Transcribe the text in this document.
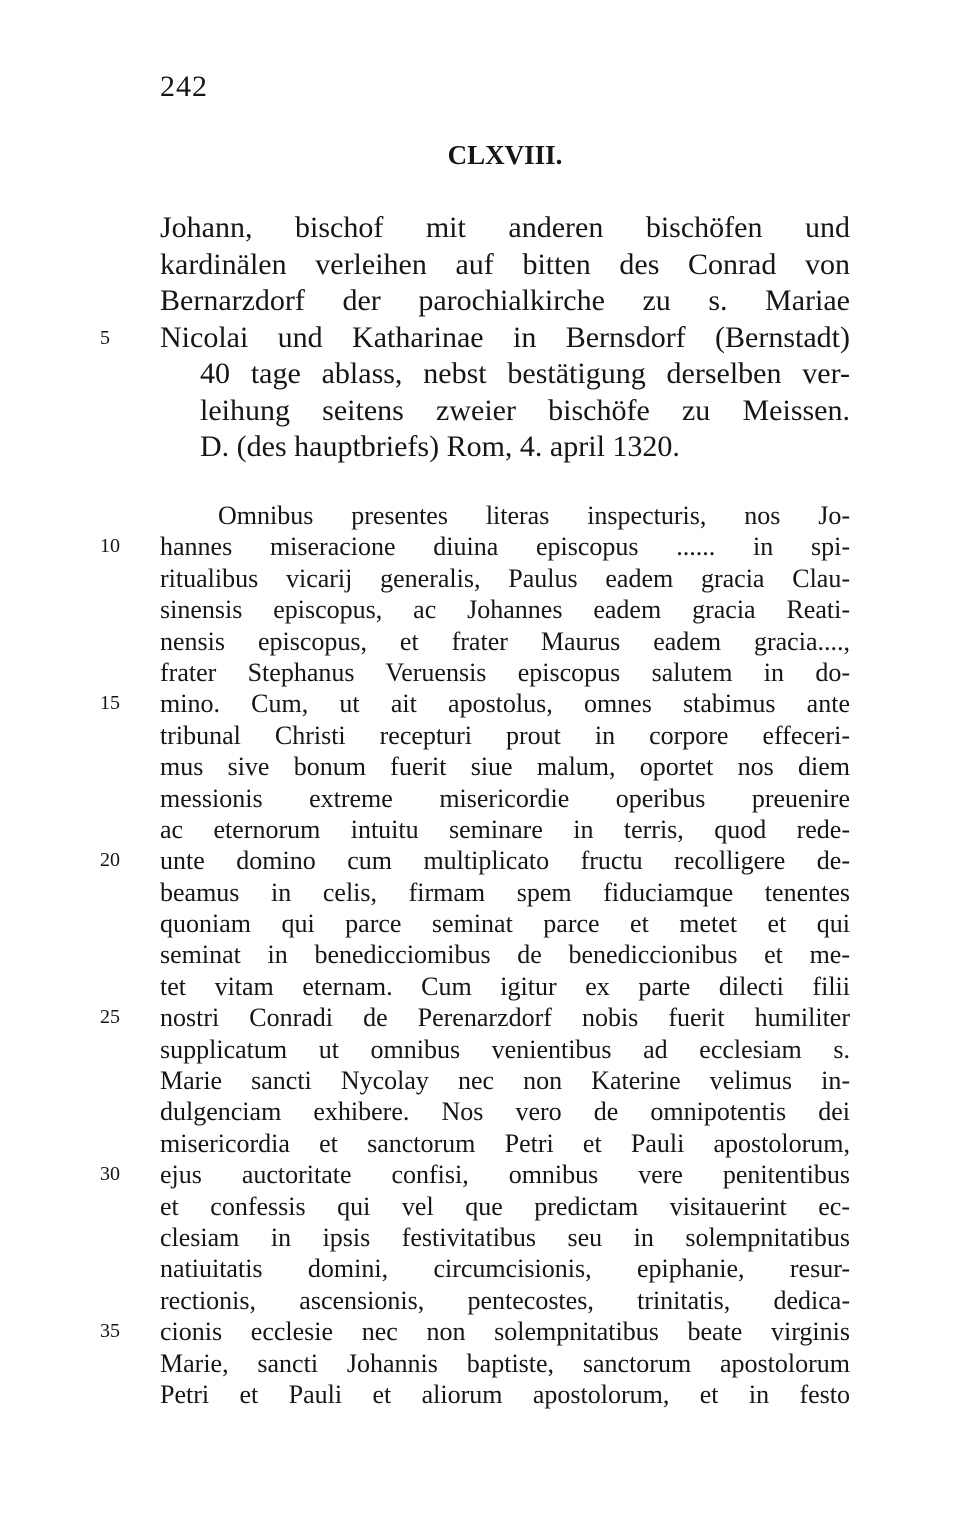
242
CLXVIII.
Johann, bischof mit anderen bischöfen und
kardinälen verleihen auf bitten des Conrad von
Bernarzdorf der parochialkirche zu s. Mariae
5	Nicolai und Katharinae in Bernsdorf (Bernstadt)
40 tage ablass, nebst bestätigung derselben ver-
leihung seitens zweier bischöfe zu Meissen.
D. (des hauptbriefs) Rom, 4. april 1320.
Omnibus presentes literas inspecturis, nos Jo-
10	hannes miseracione diuina episcopus ...... in spi-
ritualibus vicarij generalis, Paulus eadem gracia Clau-
sinensis episcopus, ac Johannes eadem gracia Reati-
nensis episcopus, et frater Maurus eadem gracia....,
frater Stephanus Veruensis episcopus salutem in do-
15	mino. Cum, ut ait apostolus, omnes stabimus ante
tribunal Christi recepturi prout in corpore effeceri-
mus sive bonum fuerit siue malum, oportet nos diem
messionis extreme misericordie operibus preuenire
ac eternorum intuitu seminare in terris, quod rede-
20	unte domino cum multiplicato fructu recolligere de-
beamus in celis, firmam spem fiduciamque tenentes
quoniam qui parce seminat parce et metet et qui
seminat in benedicciomibus de benediccionibus et me-
tet vitam eternam. Cum igitur ex parte dilecti filii
25	nostri Conradi de Perenarzdorf nobis fuerit humiliter
supplicatum ut omnibus venientibus ad ecclesiam s.
Marie sancti Nycolay nec non Katerine velimus in-
dulgenciam exhibere. Nos vero de omnipotentis dei
misericordia et sanctorum Petri et Pauli apostolorum,
30	ejus auctoritate confisi, omnibus vere penitentibus
et confessis qui vel que predictam visitauerint ec-
clesiam in ipsis festivitatibus seu in solempnitatibus
natiuitatis domini, circumcisionis, epiphanie, resur-
rectionis, ascensionis, pentecostes, trinitatis, dedica-
35	cionis ecclesie nec non solempnitatibus beate virginis
Marie, sancti Johannis baptiste, sanctorum apostolorum
Petri et Pauli et aliorum apostolorum, et in festo
